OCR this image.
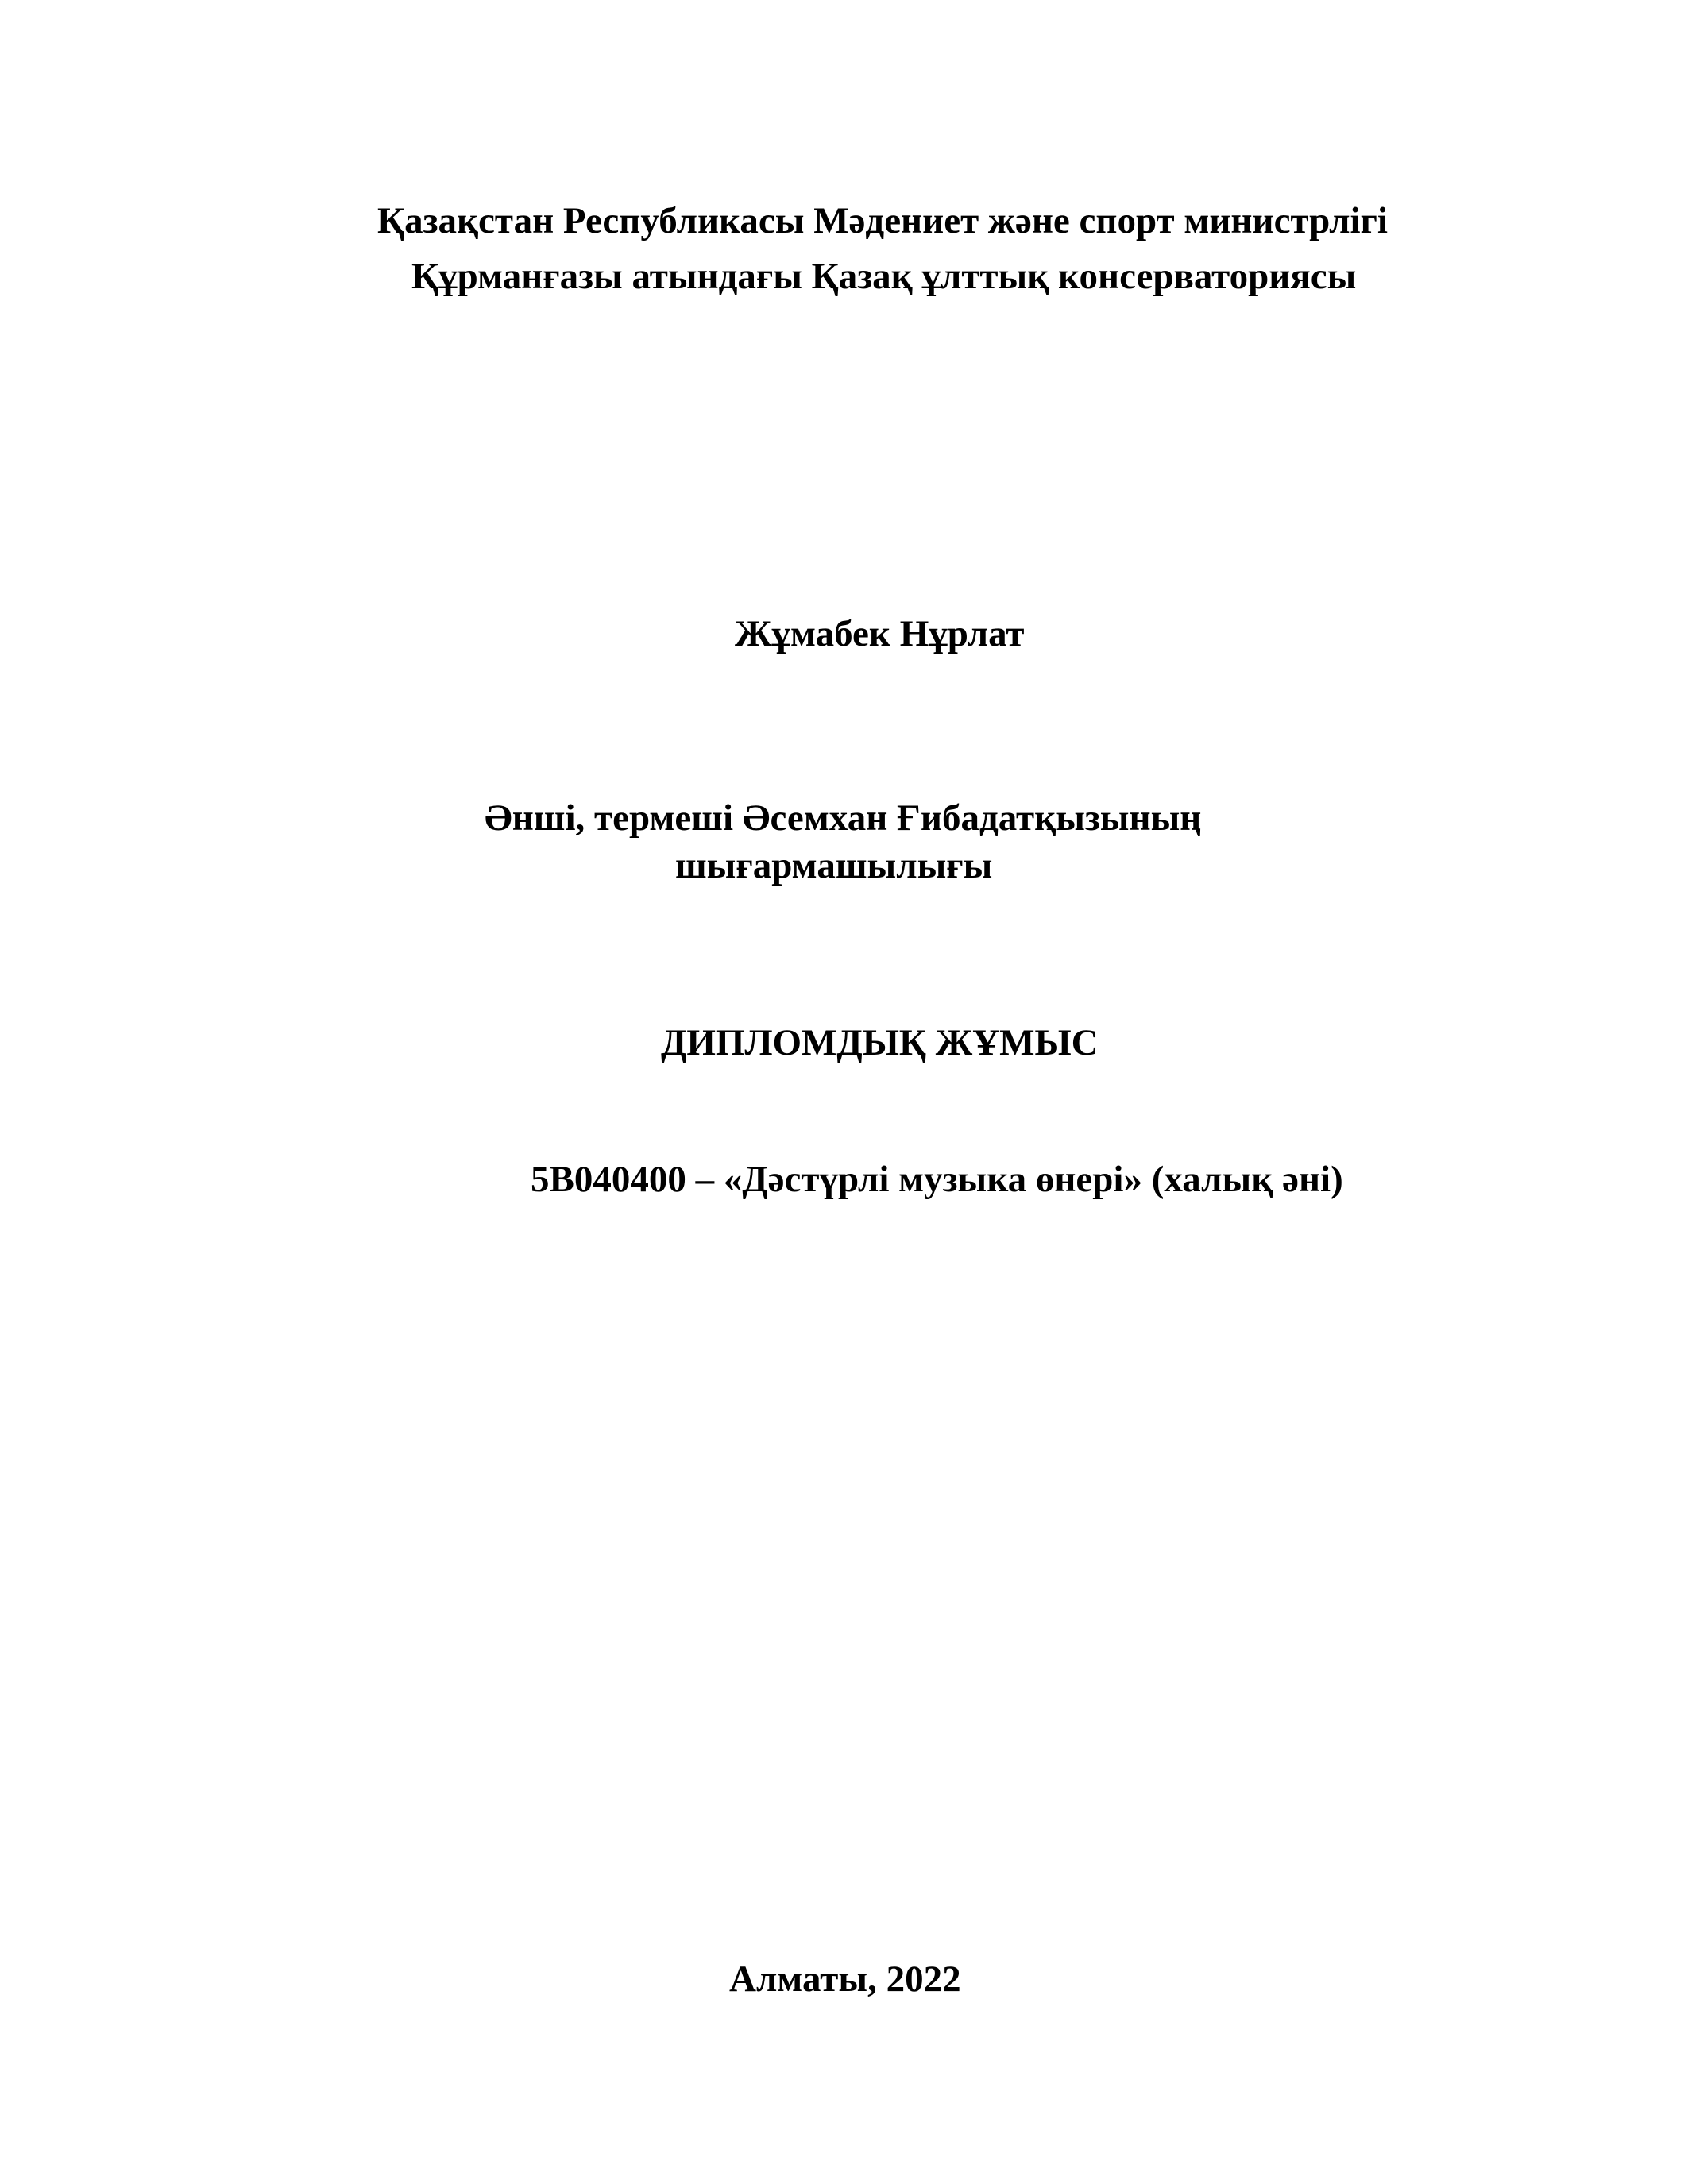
Қазақстан Республикасы Мәдениет және спорт министрлігі

Құрманғазы атындағы Қазақ ұлттық консерваториясы

Жұмабек Нұрлат

Әнші, термеші Әсемхан Ғибадатқызының

шығармашылығы

ДИПЛОМДЫҚ ЖҰМЫС

5B040400 – «Дәстүрлі музыка өнері» (халық әні)

Алматы, 2022
